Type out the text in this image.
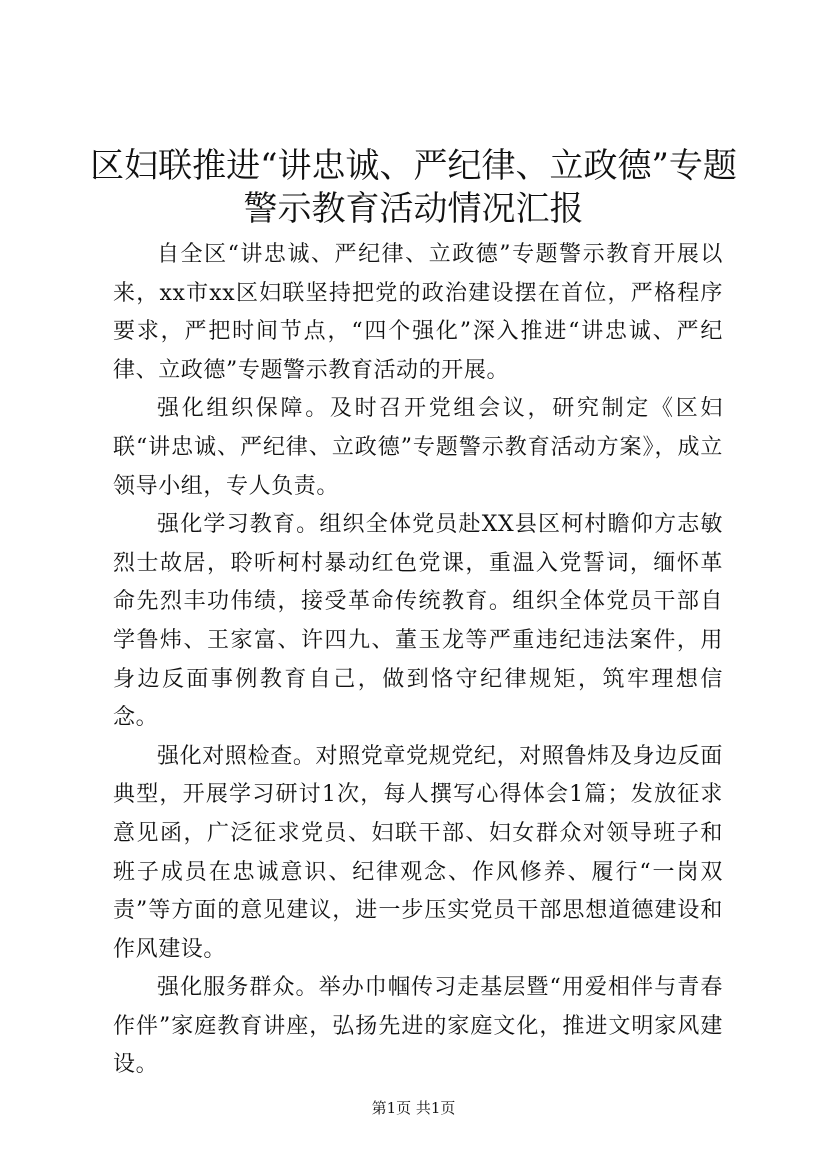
区妇联推进“讲忠诚、严纪律、立政德”专题
警示教育活动情况汇报

自全区“讲忠诚、严纪律、立政德”专题警示教育开展以来，xx市xx区妇联坚持把党的政治建设摆在首位，严格程序要求，严把时间节点，“四个强化”深入推进“讲忠诚、严纪律、立政德”专题警示教育活动的开展。

强化组织保障。及时召开党组会议，研究制定《区妇联“讲忠诚、严纪律、立政德”专题警示教育活动方案》，成立领导小组，专人负责。

强化学习教育。组织全体党员赴XX县区柯村瞻仰方志敏烈士故居，聆听柯村暴动红色党课，重温入党誓词，缅怀革命先烈丰功伟绩，接受革命传统教育。组织全体党员干部自学鲁炜、王家富、许四九、董玉龙等严重违纪违法案件，用身边反面事例教育自己，做到恪守纪律规矩，筑牢理想信念。

强化对照检查。对照党章党规党纪，对照鲁炜及身边反面典型，开展学习研讨1次，每人撰写心得体会1篇；发放征求意见函，广泛征求党员、妇联干部、妇女群众对领导班子和班子成员在忠诚意识、纪律观念、作风修养、履行“一岗双责”等方面的意见建议，进一步压实党员干部思想道德建设和作风建设。

强化服务群众。举办巾帼传习走基层暨“用爱相伴与青春作伴”家庭教育讲座，弘扬先进的家庭文化，推进文明家风建设。

第1页 共1页
